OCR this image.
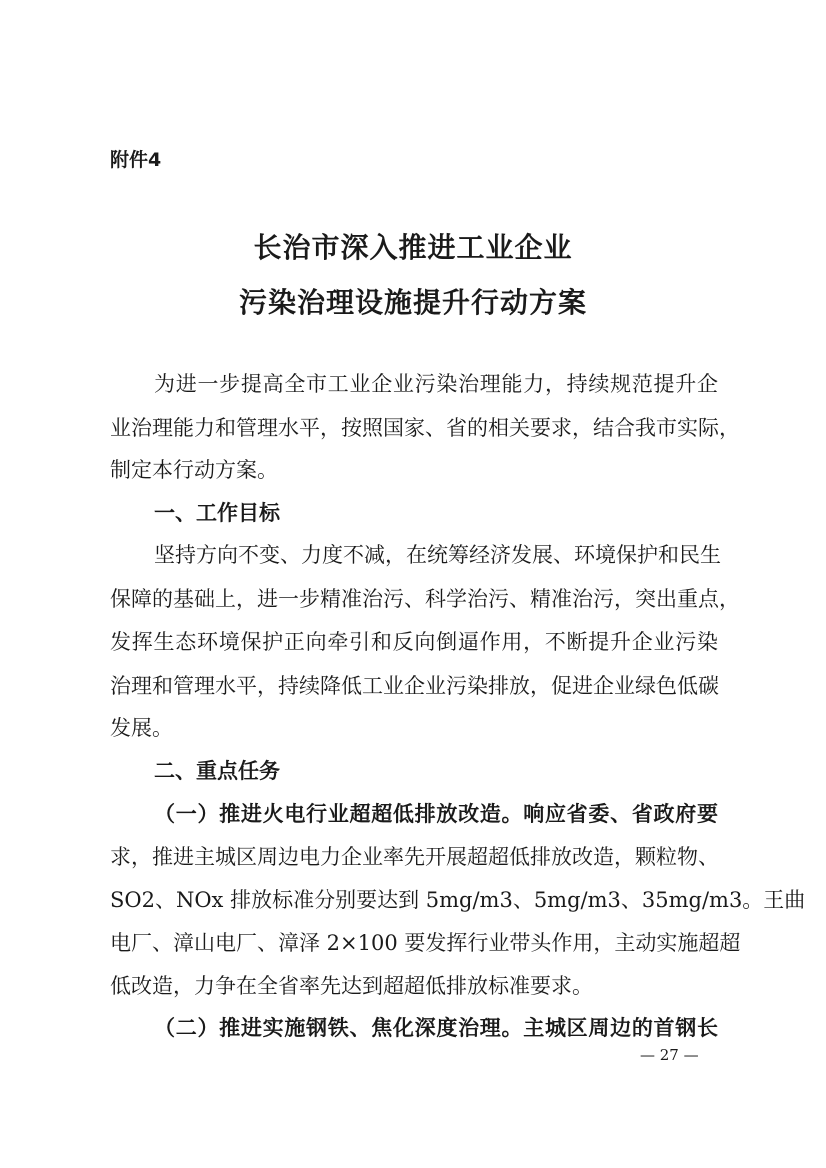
附件4
长治市深入推进工业企业
污染治理设施提升行动方案
为进一步提高全市工业企业污染治理能力，持续规范提升企
业治理能力和管理水平，按照国家、省的相关要求，结合我市实际，
制定本行动方案。
一、工作目标
坚持方向不变、力度不减，在统筹经济发展、环境保护和民生
保障的基础上，进一步精准治污、科学治污、精准治污，突出重点，
发挥生态环境保护正向牵引和反向倒逼作用，不断提升企业污染
治理和管理水平，持续降低工业企业污染排放，促进企业绿色低碳
发展。
二、重点任务
（一）推进火电行业超超低排放改造。响应省委、省政府要
求，推进主城区周边电力企业率先开展超超低排放改造，颗粒物、
SO2、NOx 排放标准分别要达到 5mg/m3、5mg/m3、35mg/m3。王曲
电厂、漳山电厂、漳泽 2×100 要发挥行业带头作用，主动实施超超
低改造，力争在全省率先达到超超低排放标准要求。
（二）推进实施钢铁、焦化深度治理。主城区周边的首钢长
— 27 —
